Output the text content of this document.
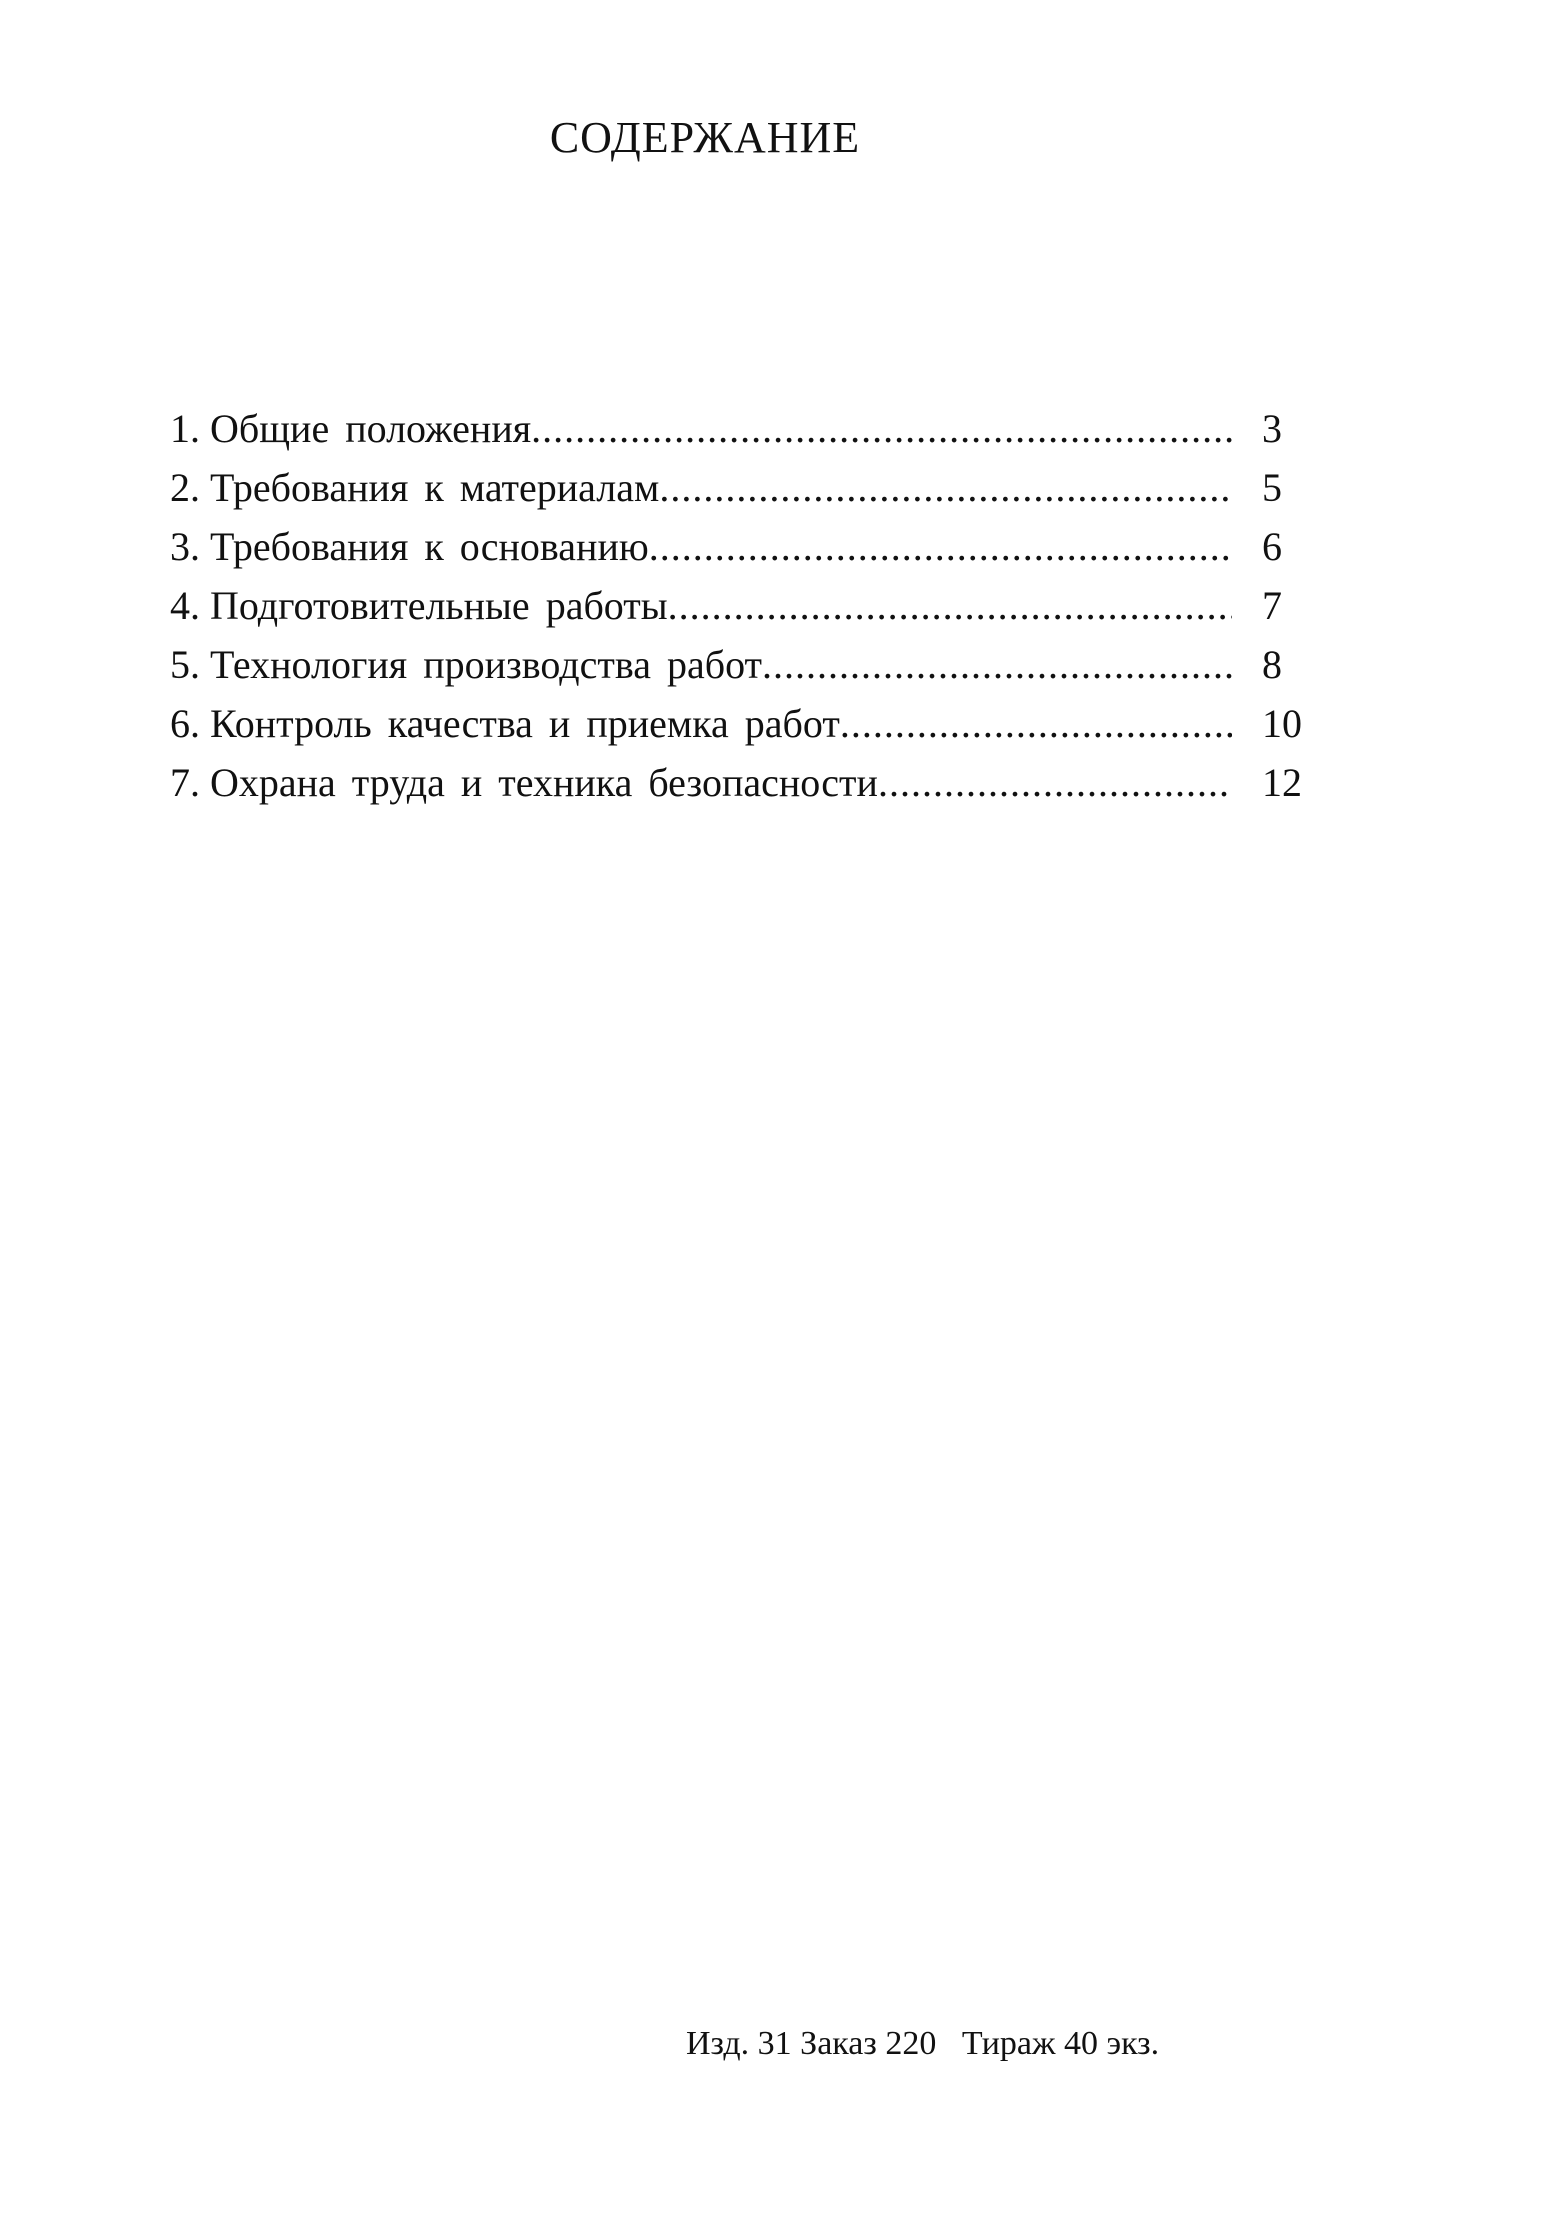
СОДЕРЖАНИЕ
1. Общие положения .....	3
2. Требования к материалам .....	5
3. Требования к основанию .....	6
4. Подготовительные работы .....	7
5. Технология производства работ .....	8
6. Контроль качества и приемка работ .....	10
7. Охрана труда и техника безопасности .....	12
Изд. 31 Заказ 220   Тираж 40 экз.
